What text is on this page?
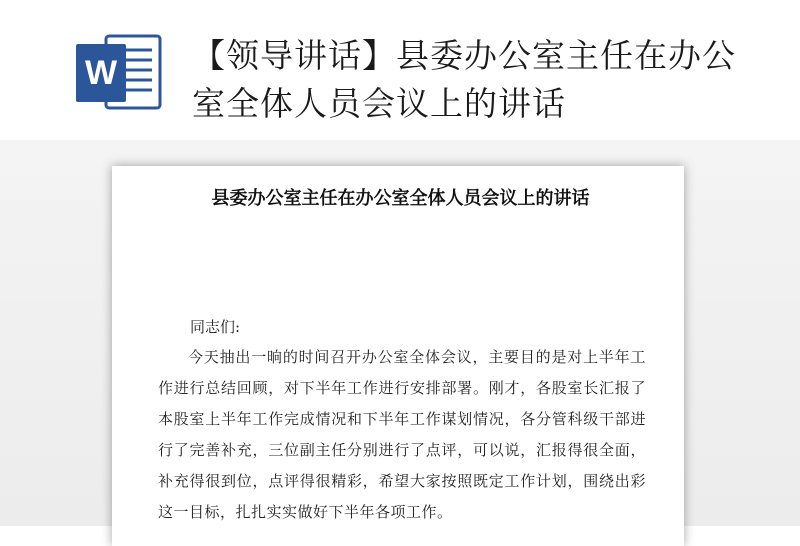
W 【领导讲话】县委办公室主任在办公室全体人员会议上的讲话
县委办公室主任在办公室全体人员会议上的讲话
同志们:
今天抽出一晌的时间召开办公室全体会议，主要目的是对上半年工作进行总结回顾，对下半年工作进行安排部署。刚才，各股室长汇报了本股室上半年工作完成情况和下半年工作谋划情况，各分管科级干部进行了完善补充，三位副主任分别进行了点评，可以说，汇报得很全面，补充得很到位，点评得很精彩，希望大家按照既定工作计划，围绕出彩这一目标，扎扎实实做好下半年各项工作。
